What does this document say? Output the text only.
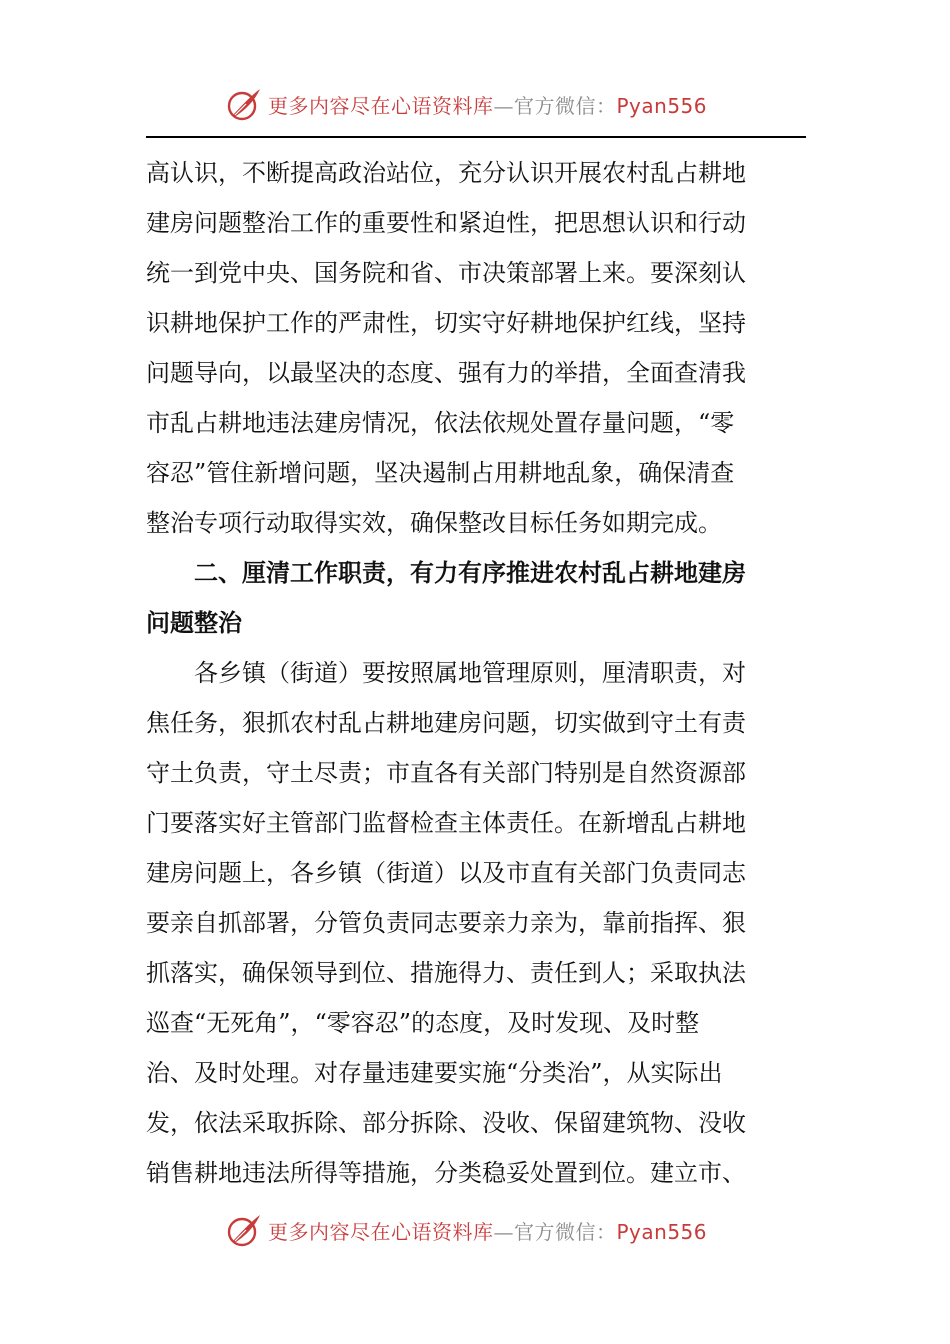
更多内容尽在心语资料库—官方微信：Pyan556
高认识，不断提高政治站位，充分认识开展农村乱占耕地
建房问题整治工作的重要性和紧迫性，把思想认识和行动
统一到党中央、国务院和省、市决策部署上来。要深刻认
识耕地保护工作的严肃性，切实守好耕地保护红线，坚持
问题导向，以最坚决的态度、强有力的举措，全面查清我
市乱占耕地违法建房情况，依法依规处置存量问题，“零
容忍”管住新增问题，坚决遏制占用耕地乱象，确保清查
整治专项行动取得实效，确保整改目标任务如期完成。
二、厘清工作职责，有力有序推进农村乱占耕地建房
问题整治
各乡镇（街道）要按照属地管理原则，厘清职责，对
焦任务，狠抓农村乱占耕地建房问题，切实做到守土有责
守土负责，守土尽责；市直各有关部门特别是自然资源部
门要落实好主管部门监督检查主体责任。在新增乱占耕地
建房问题上，各乡镇（街道）以及市直有关部门负责同志
要亲自抓部署，分管负责同志要亲力亲为，靠前指挥、狠
抓落实，确保领导到位、措施得力、责任到人；采取执法
巡查“无死角”，“零容忍”的态度，及时发现、及时整
治、及时处理。对存量违建要实施“分类治”，从实际出
发，依法采取拆除、部分拆除、没收、保留建筑物、没收
销售耕地违法所得等措施，分类稳妥处置到位。建立市、
更多内容尽在心语资料库—官方微信：Pyan556
